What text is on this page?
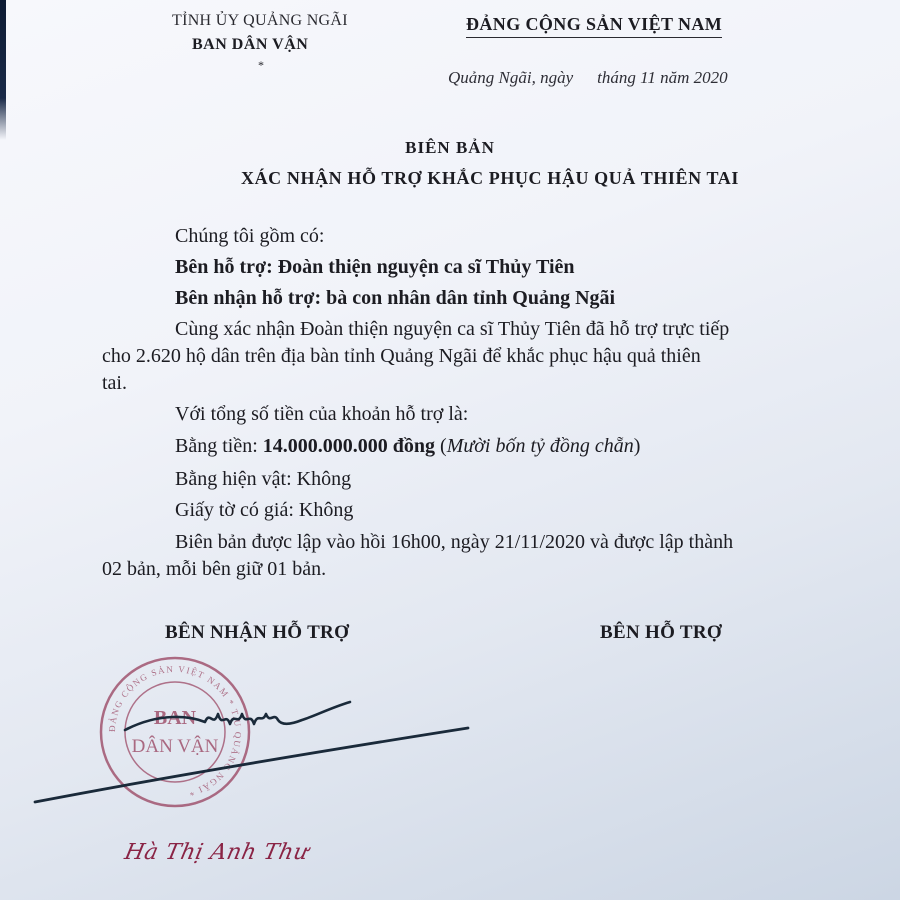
TỈNH ỦY QUẢNG NGÃI
BAN DÂN VẬN
*
ĐẢNG CỘNG SẢN VIỆT NAM
Quảng Ngãi, ngày tháng 11 năm 2020
BIÊN BẢN
XÁC NHẬN HỖ TRỢ KHẮC PHỤC HẬU QUẢ THIÊN TAI
Chúng tôi gồm có:
Bên hỗ trợ: Đoàn thiện nguyện ca sĩ Thủy Tiên
Bên nhận hỗ trợ: bà con nhân dân tỉnh Quảng Ngãi
Cùng xác nhận Đoàn thiện nguyện ca sĩ Thủy Tiên đã hỗ trợ trực tiếp
cho 2.620 hộ dân trên địa bàn tỉnh Quảng Ngãi để khắc phục hậu quả thiên
tai.
Với tổng số tiền của khoản hỗ trợ là:
Bằng tiền: 14.000.000.000 đồng (Mười bốn tỷ đồng chẵn)
Bằng hiện vật: Không
Giấy tờ có giá: Không
Biên bản được lập vào hồi 16h00, ngày 21/11/2020 và được lập thành
02 bản, mỗi bên giữ 01 bản.
BÊN NHẬN HỖ TRỢ	BÊN HỖ TRỢ
ĐẢNG CỘNG SẢN VIỆT NAM * T.U QUẢNG NGÃI *
BAN
DÂN VẬN
Hà Thị Anh Thư
